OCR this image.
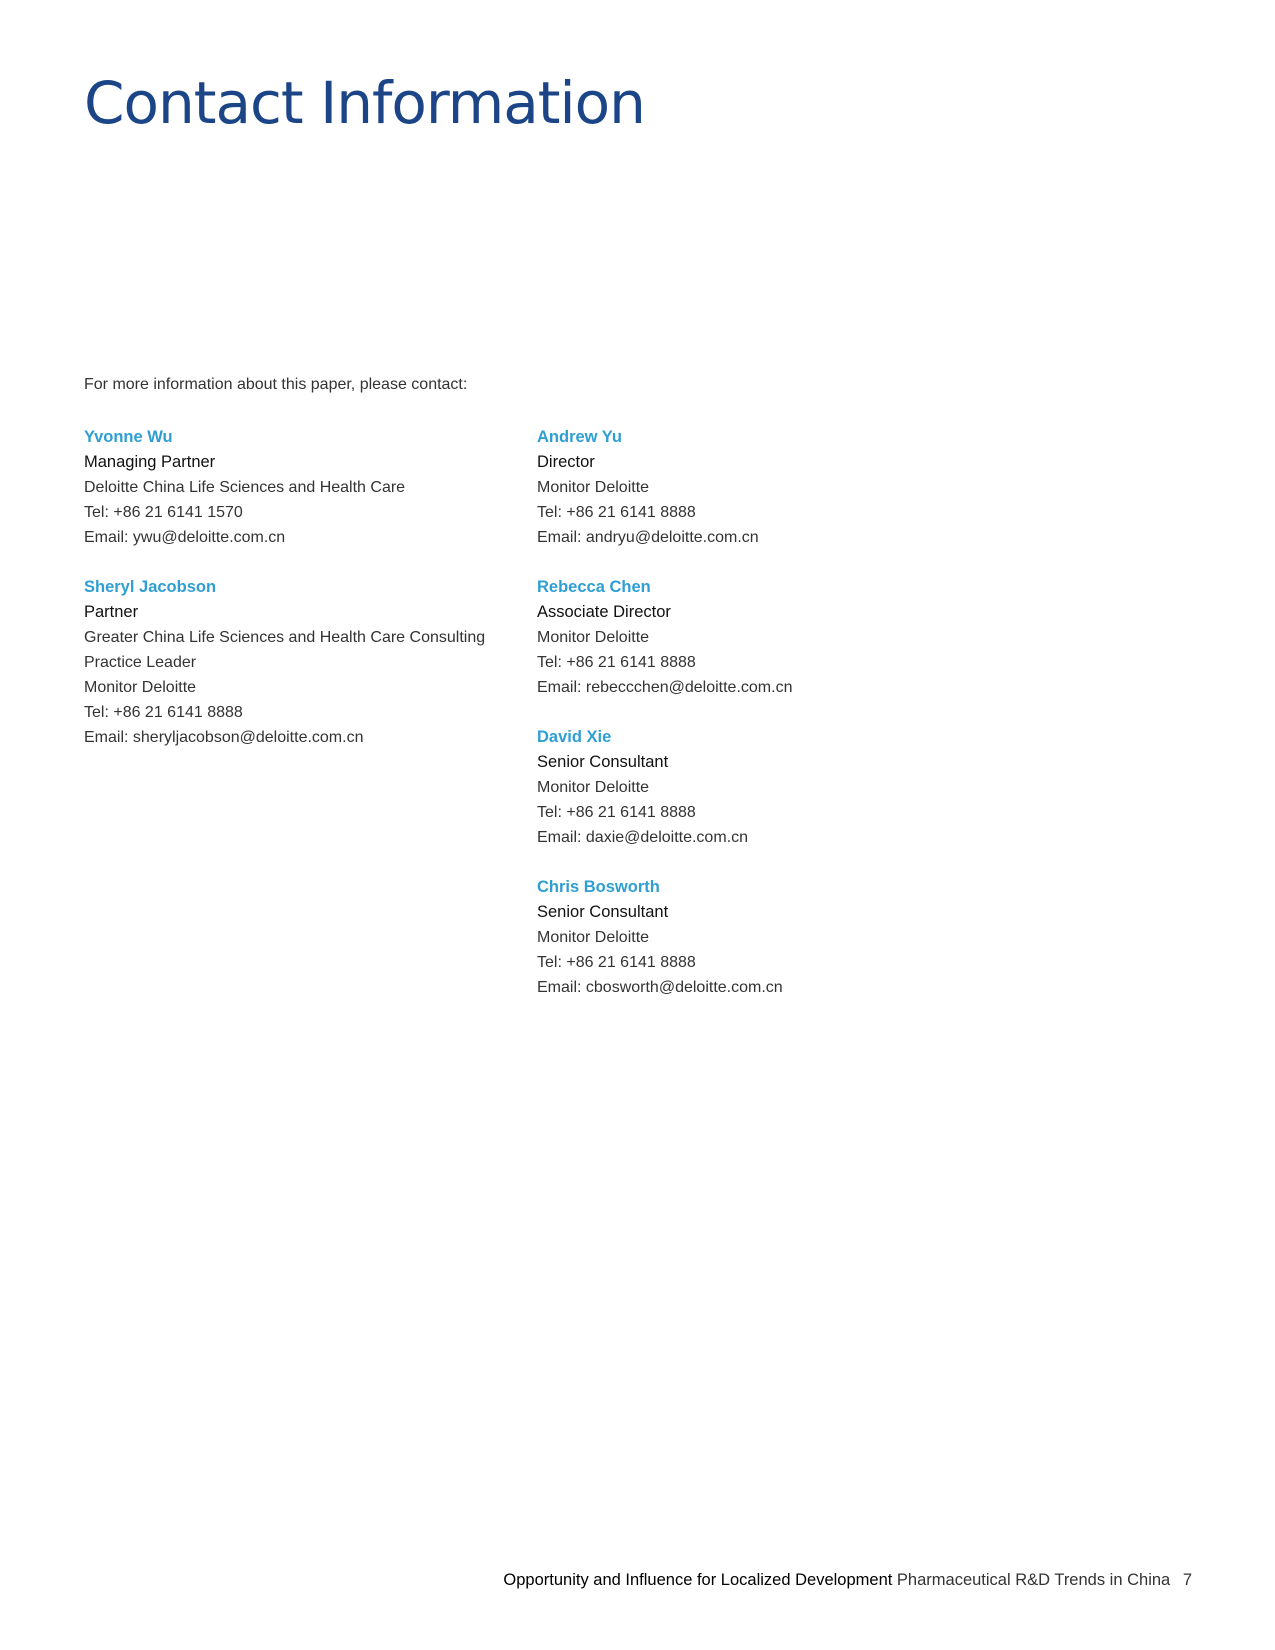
Contact Information
For more information about this paper, please contact:
Yvonne Wu
Managing Partner
Deloitte China Life Sciences and Health Care
Tel: +86 21 6141 1570
Email: ywu@deloitte.com.cn
Sheryl Jacobson
Partner
Greater China Life Sciences and Health Care Consulting
Practice Leader
Monitor Deloitte
Tel: +86 21 6141 8888
Email: sheryljacobson@deloitte.com.cn
Andrew Yu
Director
Monitor Deloitte
Tel: +86 21 6141 8888
Email: andryu@deloitte.com.cn
Rebecca Chen
Associate Director
Monitor Deloitte
Tel: +86 21 6141 8888
Email: rebeccchen@deloitte.com.cn
David Xie
Senior Consultant
Monitor Deloitte
Tel: +86 21 6141 8888
Email: daxie@deloitte.com.cn
Chris Bosworth
Senior Consultant
Monitor Deloitte
Tel: +86 21 6141 8888
Email: cbosworth@deloitte.com.cn
Opportunity and Influence for Localized Development Pharmaceutical R&D Trends in China 7
